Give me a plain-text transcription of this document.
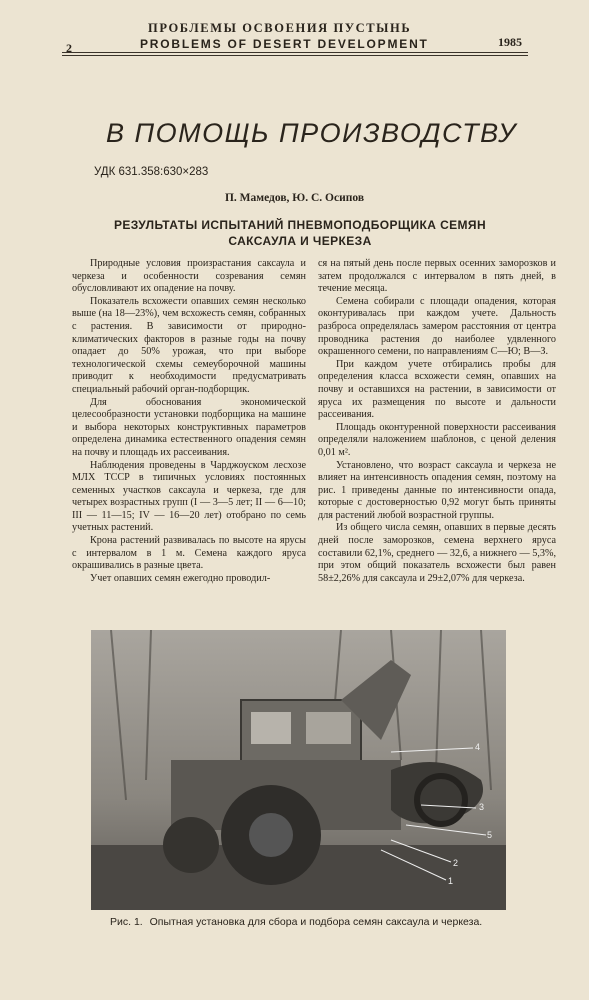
2
ПРОБЛЕМЫ ОСВОЕНИЯ ПУСТЫНЬ
PROBLEMS OF DESERT DEVELOPMENT	1985
В ПОМОЩЬ ПРОИЗВОДСТВУ
УДК 631.358:630×283
П. Мамедов, Ю. С. Осипов
РЕЗУЛЬТАТЫ ИСПЫТАНИЙ ПНЕВМОПОДБОРЩИКА СЕМЯН
САКСАУЛА И ЧЕРКЕЗА

Природные условия произрастания саксаула и черкеза и особенности созревания семян обусловливают их опадение на почву.

Показатель всхожести опавших семян несколько выше (на 18—23%), чем всхожесть семян, собранных с растения. В зависимости от природно-климатических факторов в разные годы на почву опадает до 50% урожая, что при выборе технологической схемы семеуборочной машины приводит к необходимости предусматривать специальный рабочий орган-подборщик.

Для обоснования экономической целесообразности установки подборщика на машине и выбора некоторых конструктивных параметров определена динамика естественного опадения семян на почву и площадь их рассеивания.

Наблюдения проведены в Чарджоуском лесхозе МЛХ ТССР в типичных условиях постоянных семенных участков саксаула и черкеза, где для четырех возрастных групп (I — 3—5 лет; II — 6—10; III — 11—15; IV — 16—20 лет) отобрано по семь учетных растений.

Крона растений развивалась по высоте на ярусы с интервалом в 1 м. Семена каждого яруса окрашивались в разные цвета.

Учет опавших семян ежегодно проводил-

ся на пятый день после первых осенних заморозков и затем продолжался с интервалом в пять дней, в течение месяца.

Семена собирали с площади опадения, которая оконтуривалась при каждом учете. Дальность разброса определялась замером расстояния от центра проводника растения до наиболее удвленного окрашенного семени, по направлениям С—Ю; В—З.

При каждом учете отбирались пробы для определения класса всхожести семян, опавших на почву и оставшихся на растении, в зависимости от яруса их размещения по высоте и дальности рассеивания.

Площадь оконтуренной поверхности рассеивания определяли наложением шаблонов, с ценой деления 0,01 м².

Установлено, что возраст саксаула и черкеза не влияет на интенсивность опадения семян, поэтому на рис. 1 приведены данные по интенсивности опада, которые с достоверностью 0,92 могут быть приняты для растений любой возрастной группы.

Из общего числа семян, опавших в первые десять дней после заморозков, семена верхнего яруса составили 62,1%, среднего — 32,6, а нижнего — 5,3%, при этом общий показатель всхожести был равен 58±2,26% для саксаула и 29±2,07% для черкеза.

4
3
5
2
1
Рис. 1. Опытная установка для сбора и подбора семян саксаула и черкеза.
